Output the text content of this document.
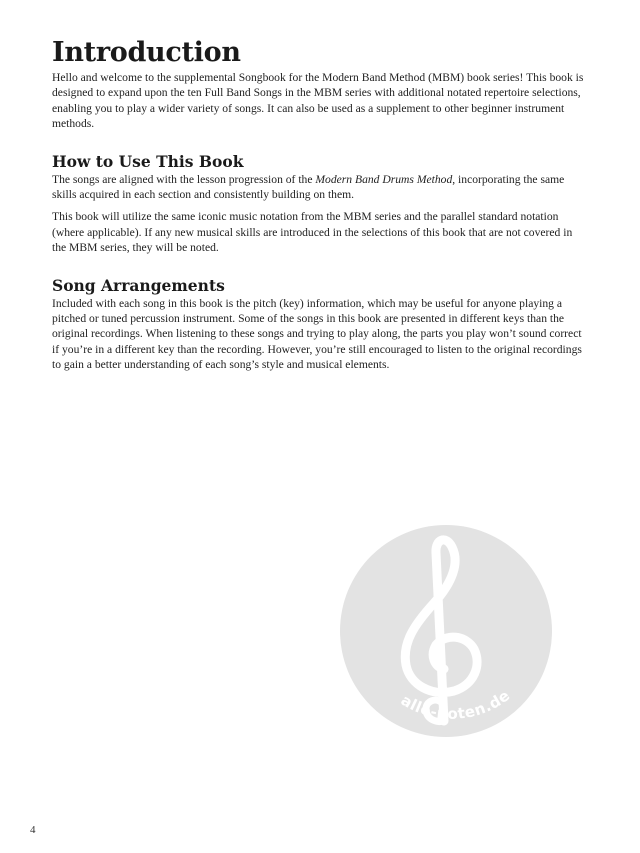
Introduction

Hello and welcome to the supplemental Songbook for the Modern Band Method (MBM) book series! This book is designed to expand upon the ten Full Band Songs in the MBM series with additional notated repertoire selections, enabling you to play a wider variety of songs. It can also be used as a supplement to other beginner instrument methods.

How to Use This Book

The songs are aligned with the lesson progression of the Modern Band Drums Method, incorporating the same skills acquired in each section and consistently building on them.

This book will utilize the same iconic music notation from the MBM series and the parallel standard notation (where applicable). If any new musical skills are introduced in the selections of this book that are not covered in the MBM series, they will be noted.

Song Arrangements

Included with each song in this book is the pitch (key) information, which may be useful for anyone playing a pitched or tuned percussion instrument. Some of the songs in this book are presented in different keys than the original recordings. When listening to these songs and trying to play along, the parts you play won’t sound correct if you’re in a different key than the recording. However, you’re still encouraged to listen to the original recordings to gain a better understanding of each song’s style and musical elements.

alle-noten.de
4
